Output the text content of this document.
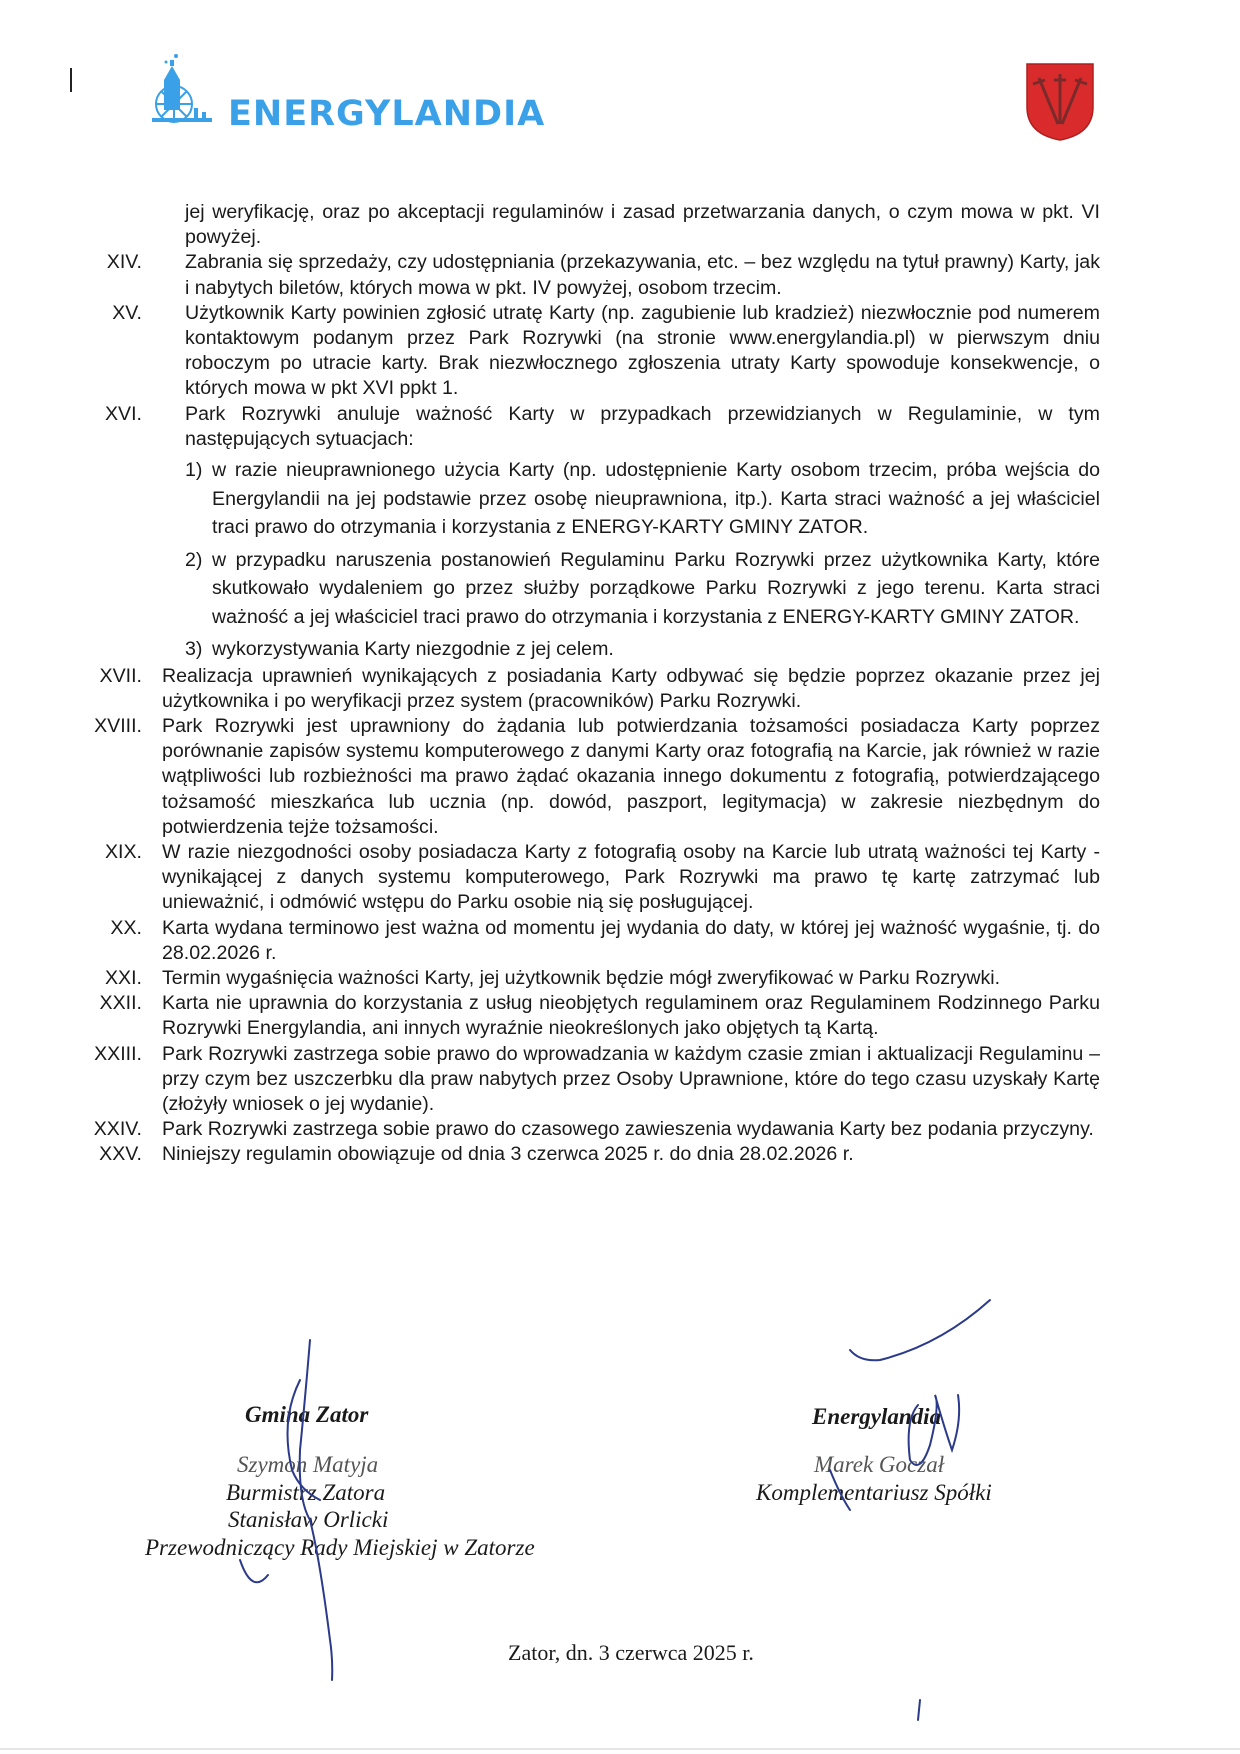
ENERGYLANDIA
jej weryfikację, oraz po akceptacji regulaminów i zasad przetwarzania danych, o czym mowa w pkt. VI powyżej.
XIV. Zabrania się sprzedaży, czy udostępniania (przekazywania, etc. – bez względu na tytuł prawny) Karty, jak i nabytych biletów, których mowa w pkt. IV powyżej, osobom trzecim.
XV. Użytkownik Karty powinien zgłosić utratę Karty (np. zagubienie lub kradzież) niezwłocznie pod numerem kontaktowym podanym przez Park Rozrywki (na stronie www.energylandia.pl) w pierwszym dniu roboczym po utracie karty. Brak niezwłocznego zgłoszenia utraty Karty spowoduje konsekwencje, o których mowa w pkt XVI ppkt 1.
XVI. Park Rozrywki anuluje ważność Karty w przypadkach przewidzianych w Regulaminie, w tym następujących sytuacjach:
1) w razie nieuprawnionego użycia Karty (np. udostępnienie Karty osobom trzecim, próba wejścia do Energylandii na jej podstawie przez osobę nieuprawniona, itp.). Karta straci ważność a jej właściciel traci prawo do otrzymania i korzystania z ENERGY-KARTY GMINY ZATOR.
2) w przypadku naruszenia postanowień Regulaminu Parku Rozrywki przez użytkownika Karty, które skutkowało wydaleniem go przez służby porządkowe Parku Rozrywki z jego terenu. Karta straci ważność a jej właściciel traci prawo do otrzymania i korzystania z ENERGY-KARTY GMINY ZATOR.
3) wykorzystywania Karty niezgodnie z jej celem.
XVII. Realizacja uprawnień wynikających z posiadania Karty odbywać się będzie poprzez okazanie przez jej użytkownika i po weryfikacji przez system (pracowników) Parku Rozrywki.
XVIII. Park Rozrywki jest uprawniony do żądania lub potwierdzania tożsamości posiadacza Karty poprzez porównanie zapisów systemu komputerowego z danymi Karty oraz fotografią na Karcie, jak również w razie wątpliwości lub rozbieżności ma prawo żądać okazania innego dokumentu z fotografią, potwierdzającego tożsamość mieszkańca lub ucznia (np. dowód, paszport, legitymacja) w zakresie niezbędnym do potwierdzenia tejże tożsamości.
XIX. W razie niezgodności osoby posiadacza Karty z fotografią osoby na Karcie lub utratą ważności tej Karty - wynikającej z danych systemu komputerowego, Park Rozrywki ma prawo tę kartę zatrzymać lub unieważnić, i odmówić wstępu do Parku osobie nią się posługującej.
XX. Karta wydana terminowo jest ważna od momentu jej wydania do daty, w której jej ważność wygaśnie, tj. do 28.02.2026 r.
XXI. Termin wygaśnięcia ważności Karty, jej użytkownik będzie mógł zweryfikować w Parku Rozrywki.
XXII. Karta nie uprawnia do korzystania z usług nieobjętych regulaminem oraz Regulaminem Rodzinnego Parku Rozrywki Energylandia, ani innych wyraźnie nieokreślonych jako objętych tą Kartą.
XXIII. Park Rozrywki zastrzega sobie prawo do wprowadzania w każdym czasie zmian i aktualizacji Regulaminu – przy czym bez uszczerbku dla praw nabytych przez Osoby Uprawnione, które do tego czasu uzyskały Kartę (złożyły wniosek o jej wydanie).
XXIV. Park Rozrywki zastrzega sobie prawo do czasowego zawieszenia wydawania Karty bez podania przyczyny.
XXV. Niniejszy regulamin obowiązuje od dnia 3 czerwca 2025 r. do dnia 28.02.2026 r.
Gmina Zator
Szymon Matyja
Burmistrz Zatora
Stanisław Orlicki
Przewodniczący Rady Miejskiej w Zatorze
Energylandia
Marek Goczał
Komplementariusz Spółki
Zator, dn. 3 czerwca 2025 r.
